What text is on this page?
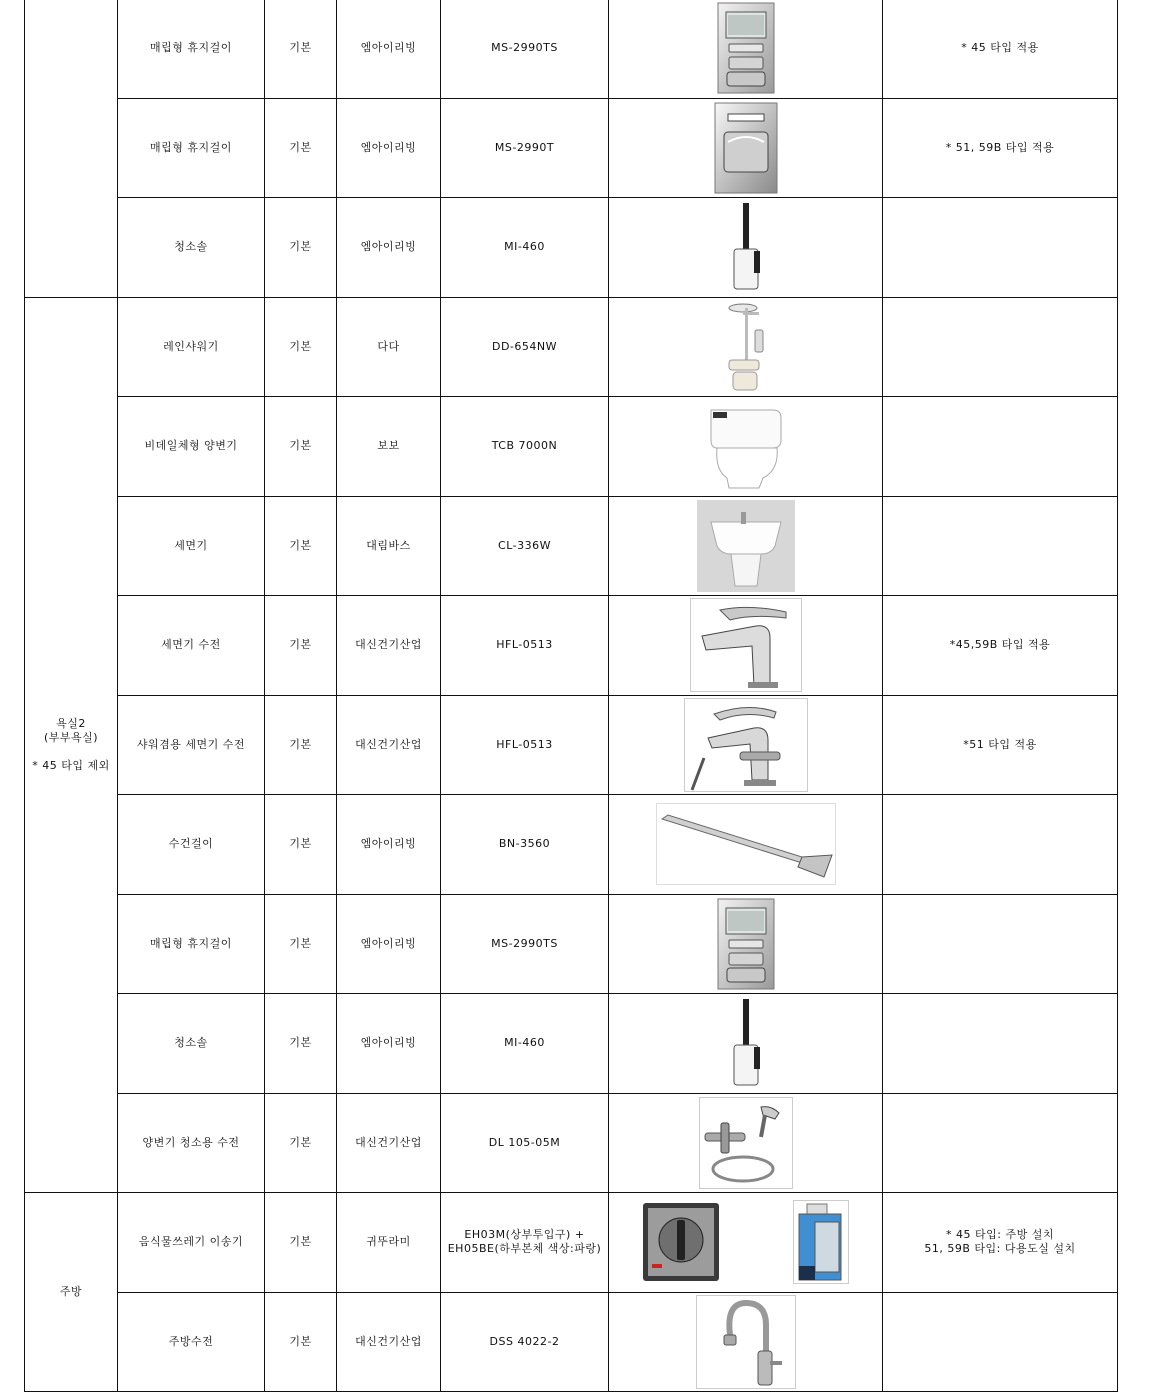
	매립형 휴지걸이	기본	엠아이리빙	MS-2990TS		* 45 타입 적용
	매립형 휴지걸이	기본	엠아이리빙	MS-2990T		* 51, 59B 타입 적용
	청소솔	기본	엠아이리빙	MI-460	

욕실2
(부부욕실)

* 45 타입 제외	레인샤워기	기본	다다	DD-654NW	

	비데일체형 양변기	기본	보보	TCB 7000N	

	세면기	기본	대림바스	CL-336W	

	세면기 수전	기본	대신건기산업	HFL-0513		*45,59B 타입 적용
	샤워겸용 세면기 수전	기본	대신건기산업	HFL-0513		*51 타입 적용
	수건걸이	기본	엠아이리빙	BN-3560	

	매립형 휴지걸이	기본	엠아이리빙	MS-2990TS	

	청소솔	기본	엠아이리빙	MI-460	

	양변기 청소용 수전	기본	대신건기산업	DL 105-05M	

주방	음식물쓰레기 이송기	기본	귀뚜라미	EH03M(상부투입구) +
EH05BE(하부본체 색상:파랑)		* 45 타입: 주방 설치
51, 59B 타입: 다용도실 설치
	주방수전	기본	대신건기산업	DSS 4022-2	
